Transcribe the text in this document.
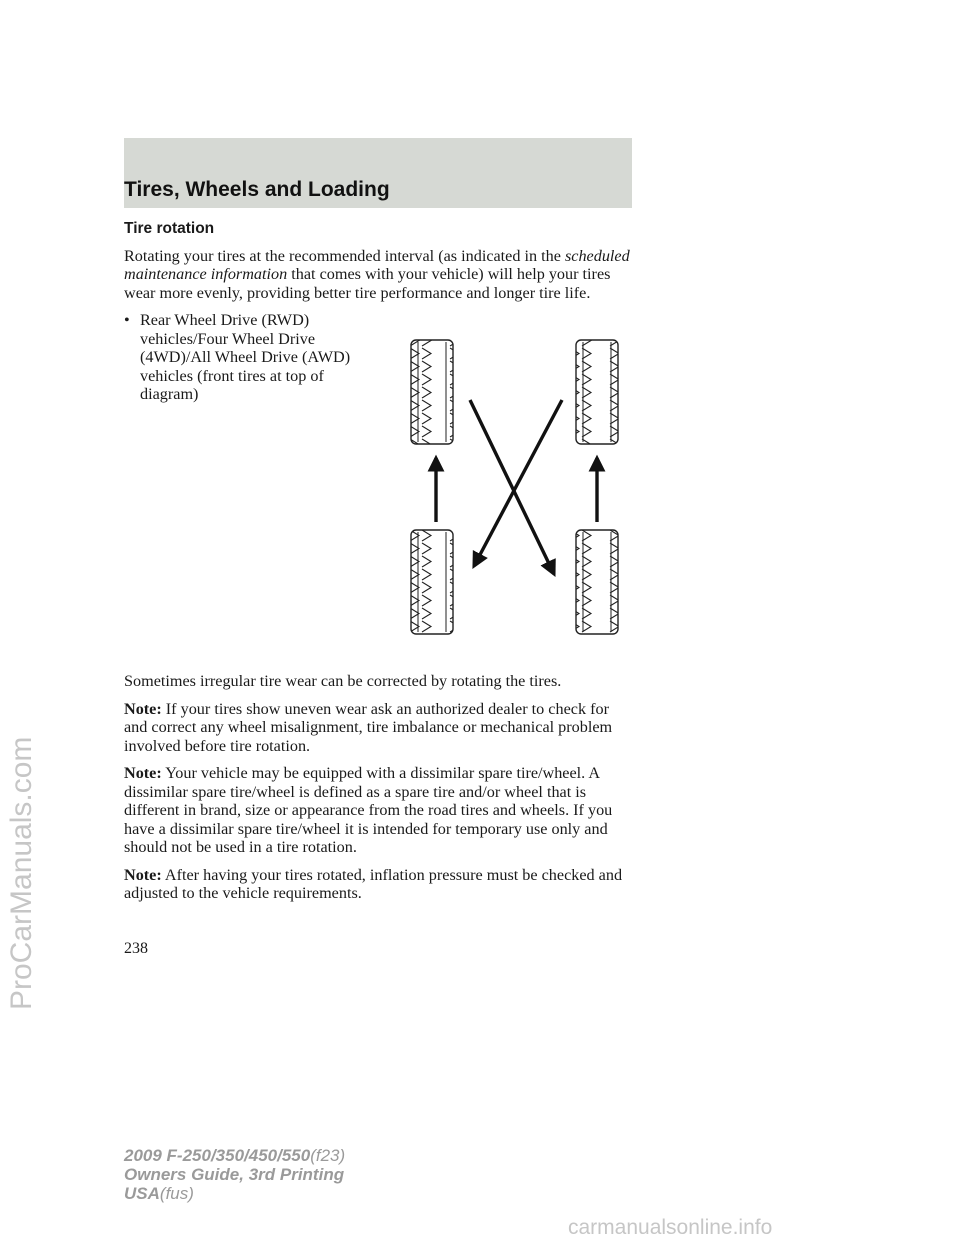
Tires, Wheels and Loading
Tire rotation

Rotating your tires at the recommended interval (as indicated in the scheduled maintenance information that comes with your vehicle) will help your tires wear more evenly, providing better tire performance and longer tire life.

• Rear Wheel Drive (RWD) vehicles/Four Wheel Drive (4WD)/All Wheel Drive (AWD) vehicles (front tires at top of diagram)

Sometimes irregular tire wear can be corrected by rotating the tires.

Note: If your tires show uneven wear ask an authorized dealer to check for and correct any wheel misalignment, tire imbalance or mechanical problem involved before tire rotation.

Note: Your vehicle may be equipped with a dissimilar spare tire/wheel. A dissimilar spare tire/wheel is defined as a spare tire and/or wheel that is different in brand, size or appearance from the road tires and wheels. If you have a dissimilar spare tire/wheel it is intended for temporary use only and should not be used in a tire rotation.

Note: After having your tires rotated, inflation pressure must be checked and adjusted to the vehicle requirements.

238
2009 F-250/350/450/550(f23)
Owners Guide, 3rd Printing
USA(fus)
ProCarManuals.com
carmanualsonline.info
